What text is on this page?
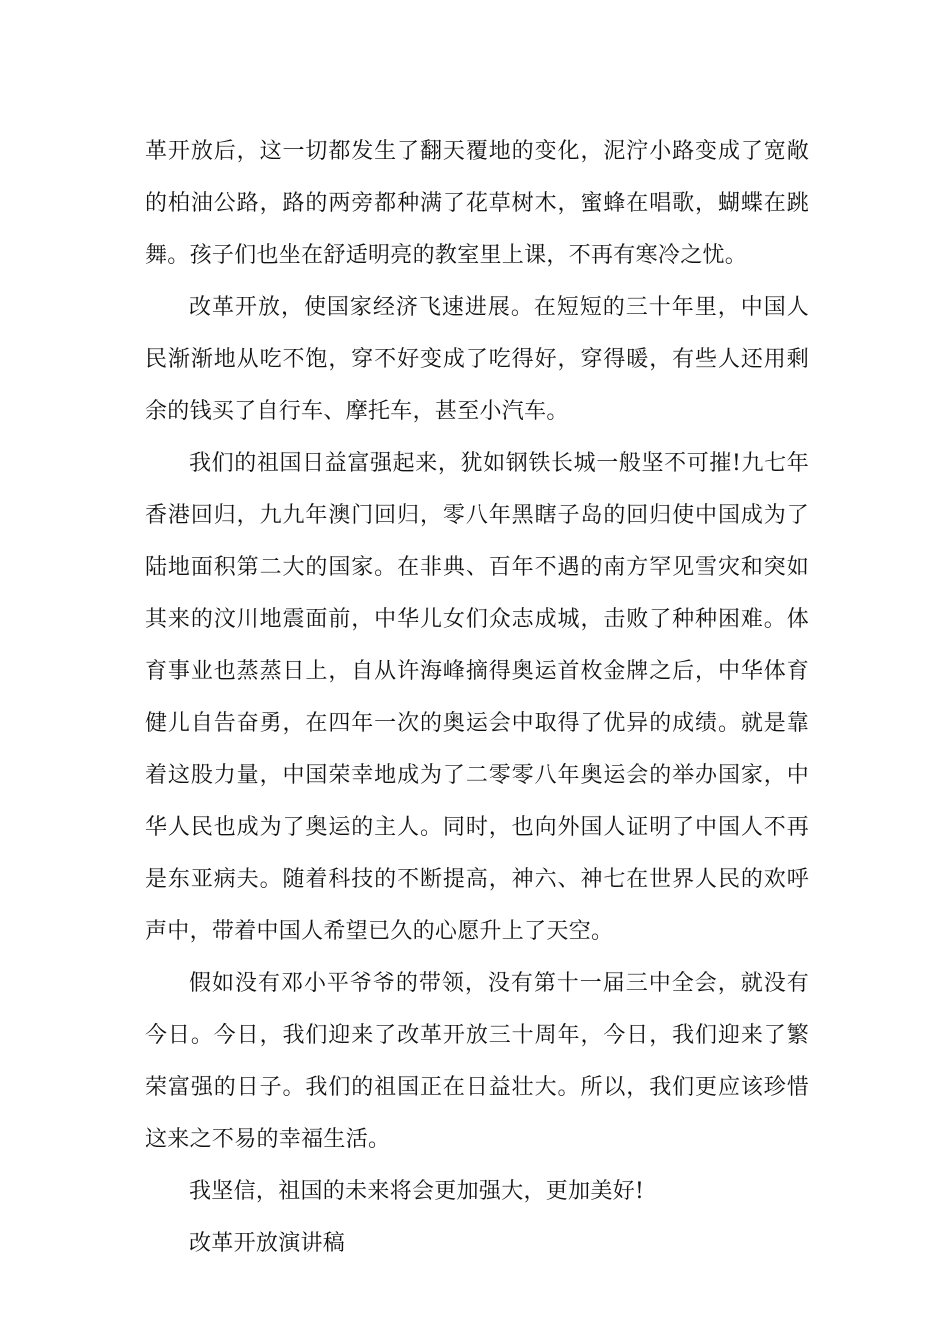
革开放后，这一切都发生了翻天覆地的变化，泥泞小路变成了宽敞
的柏油公路，路的两旁都种满了花草树木，蜜蜂在唱歌，蝴蝶在跳
舞。孩子们也坐在舒适明亮的教室里上课，不再有寒冷之忧。

改革开放，使国家经济飞速进展。在短短的三十年里，中国人
民渐渐地从吃不饱，穿不好变成了吃得好，穿得暖，有些人还用剩
余的钱买了自行车、摩托车，甚至小汽车。

我们的祖国日益富强起来，犹如钢铁长城一般坚不可摧!九七年
香港回归，九九年澳门回归，零八年黑瞎子岛的回归使中国成为了
陆地面积第二大的国家。在非典、百年不遇的南方罕见雪灾和突如
其来的汶川地震面前，中华儿女们众志成城，击败了种种困难。体
育事业也蒸蒸日上，自从许海峰摘得奥运首枚金牌之后，中华体育
健儿自告奋勇，在四年一次的奥运会中取得了优异的成绩。就是靠
着这股力量，中国荣幸地成为了二零零八年奥运会的举办国家，中
华人民也成为了奥运的主人。同时，也向外国人证明了中国人不再
是东亚病夫。随着科技的不断提高，神六、神七在世界人民的欢呼
声中，带着中国人希望已久的心愿升上了天空。

假如没有邓小平爷爷的带领，没有第十一届三中全会，就没有
今日。今日，我们迎来了改革开放三十周年，今日，我们迎来了繁
荣富强的日子。我们的祖国正在日益壮大。所以，我们更应该珍惜
这来之不易的幸福生活。

我坚信，祖国的未来将会更加强大，更加美好!

改革开放演讲稿
